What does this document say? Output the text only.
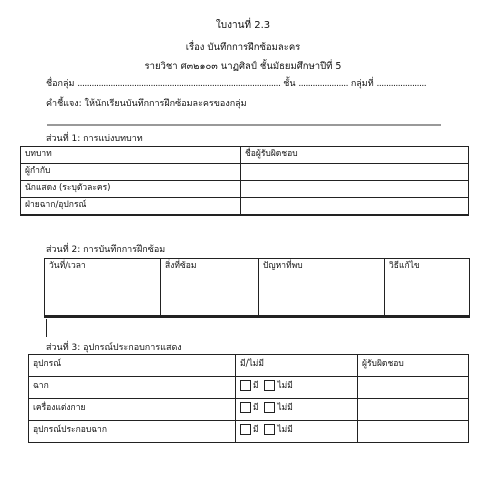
ใบงานที่ 2.3
เรื่อง บันทึกการฝึกซ้อมละคร
รายวิชา ศ๓๒๑๐๓ นาฏศิลป์ ชั้นมัธยมศึกษาปีที่ 5
ชื่อกลุ่ม ...................................................................................... ชั้น ..................... กลุ่มที่ .....................
คำชี้แจง: ให้นักเรียนบันทึกการฝึกซ้อมละครของกลุ่ม
ส่วนที่ 1: การแบ่งบทบาท
บทบาท	ชื่อผู้รับผิดชอบ
ผู้กำกับ	
นักแสดง (ระบุตัวละคร)	
ฝ่ายฉาก/อุปกรณ์	
ส่วนที่ 2: การบันทึกการฝึกซ้อม
วันที่/เวลา	สิ่งที่ซ้อม	ปัญหาที่พบ	วิธีแก้ไข
ส่วนที่ 3: อุปกรณ์ประกอบการแสดง
อุปกรณ์	มี/ไม่มี	ผู้รับผิดชอบ
ฉาก	มี ไม่มี	
เครื่องแต่งกาย	มี ไม่มี	
อุปกรณ์ประกอบฉาก	มี ไม่มี	
